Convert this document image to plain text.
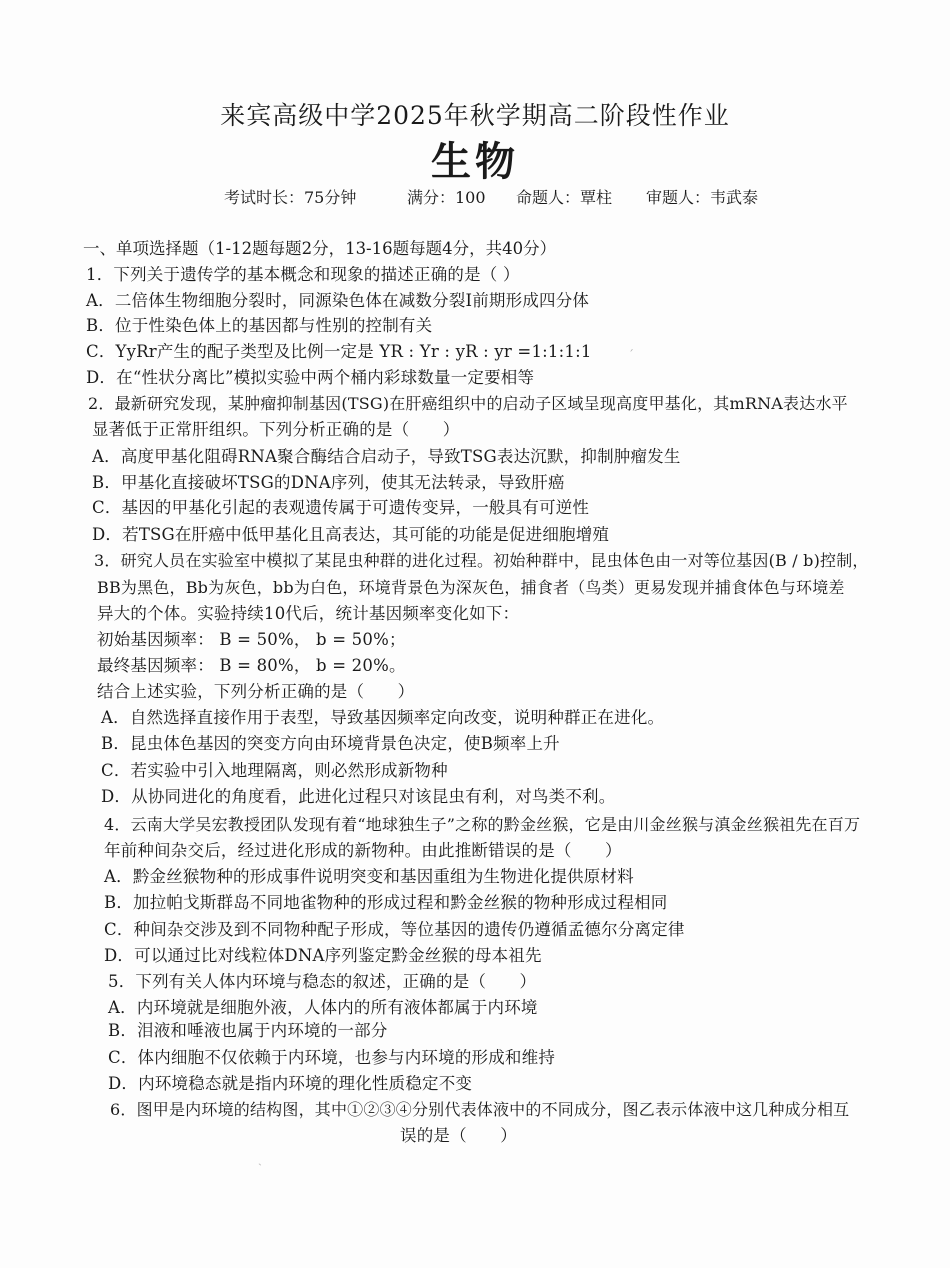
来宾高级中学2025年秋学期高二阶段性作业
生物
考试时长：75分钟	满分：100 命题人：覃柱 审题人：韦武泰
一、单项选择题（1-12题每题2分，13-16题每题4分，共40分）
1．下列关于遗传学的基本概念和现象的描述正确的是（ ）
A．二倍体生物细胞分裂时，同源染色体在减数分裂Ⅰ前期形成四分体
B．位于性染色体上的基因都与性别的控制有关
C．YyRr产生的配子类型及比例一定是 YR : Yr : yR : yr =1:1:1:1
D．在“性状分离比”模拟实验中两个桶内彩球数量一定要相等
2．最新研究发现，某肿瘤抑制基因(TSG)在肝癌组织中的启动子区域呈现高度甲基化，其mRNA表达水平
显著低于正常肝组织。下列分析正确的是（　　）
A．高度甲基化阻碍RNA聚合酶结合启动子，导致TSG表达沉默，抑制肿瘤发生
B．甲基化直接破坏TSG的DNA序列，使其无法转录，导致肝癌
C．基因的甲基化引起的表观遗传属于可遗传变异，一般具有可逆性
D．若TSG在肝癌中低甲基化且高表达，其可能的功能是促进细胞增殖
3．研究人员在实验室中模拟了某昆虫种群的进化过程。初始种群中，昆虫体色由一对等位基因(B / b)控制，
BB为黑色，Bb为灰色，bb为白色，环境背景色为深灰色，捕食者（鸟类）更易发现并捕食体色与环境差
异大的个体。实验持续10代后，统计基因频率变化如下：
初始基因频率： B = 50%， b = 50%；
最终基因频率： B = 80%， b = 20%。
结合上述实验，下列分析正确的是（　　）
A．自然选择直接作用于表型，导致基因频率定向改变，说明种群正在进化。
B．昆虫体色基因的突变方向由环境背景色决定，使B频率上升
C．若实验中引入地理隔离，则必然形成新物种
D．从协同进化的角度看，此进化过程只对该昆虫有利，对鸟类不利。
4．云南大学吴宏教授团队发现有着“地球独生子”之称的黔金丝猴，它是由川金丝猴与滇金丝猴祖先在百万
年前种间杂交后，经过进化形成的新物种。由此推断错误的是（　　）
A．黔金丝猴物种的形成事件说明突变和基因重组为生物进化提供原材料
B．加拉帕戈斯群岛不同地雀物种的形成过程和黔金丝猴的物种形成过程相同
C．种间杂交涉及到不同物种配子形成，等位基因的遗传仍遵循孟德尔分离定律
D．可以通过比对线粒体DNA序列鉴定黔金丝猴的母本祖先
5．下列有关人体内环境与稳态的叙述，正确的是（　　）
A．内环境就是细胞外液，人体内的所有液体都属于内环境
B．泪液和唾液也属于内环境的一部分
C．体内细胞不仅依赖于内环境，也参与内环境的形成和维持
D．内环境稳态就是指内环境的理化性质稳定不变
6．图甲是内环境的结构图，其中①②③④分别代表体液中的不同成分，图乙表示体液中这几种成分相互
误的是（　　）
ˊ
ˎ
